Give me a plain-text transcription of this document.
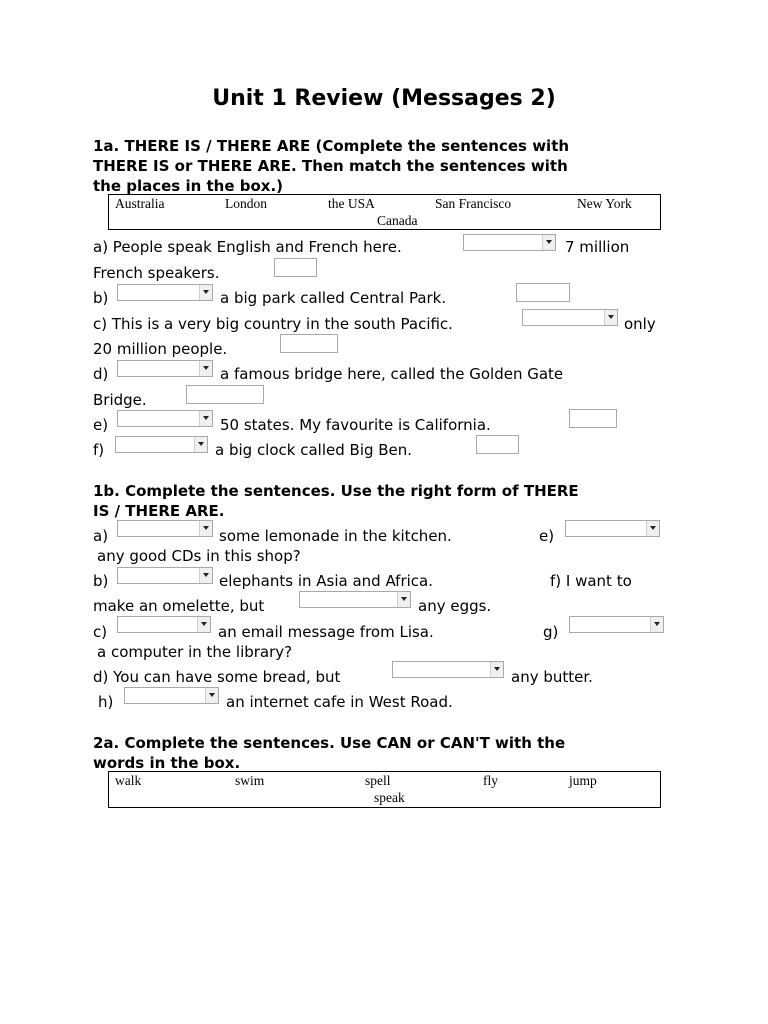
Unit 1 Review (Messages 2)
1a. THERE IS / THERE ARE (Complete the sentences with
THERE IS or THERE ARE. Then match the sentences with
the places in the box.)
Australia	London	the USA	San Francisco	New York
Canada
a) People speak English and French here.	7 million
French speakers.
b)	a big park called Central Park.
c) This is a very big country in the south Pacific.	only
20 million people.
d)	a famous bridge here, called the Golden Gate
Bridge.
e)	50 states. My favourite is California.
f)	a big clock called Big Ben.
1b. Complete the sentences. Use the right form of THERE
IS / THERE ARE.
a)	some lemonade in the kitchen.	e)
any good CDs in this shop?
b)	elephants in Asia and Africa.	f) I want to
make an omelette, but	any eggs.
c)	an email message from Lisa.	g)
a computer in the library?
d) You can have some bread, but	any butter.
h)	an internet cafe in West Road.
2a. Complete the sentences. Use CAN or CAN'T with the
words in the box.
walk	swim	spell	fly	jump
speak
